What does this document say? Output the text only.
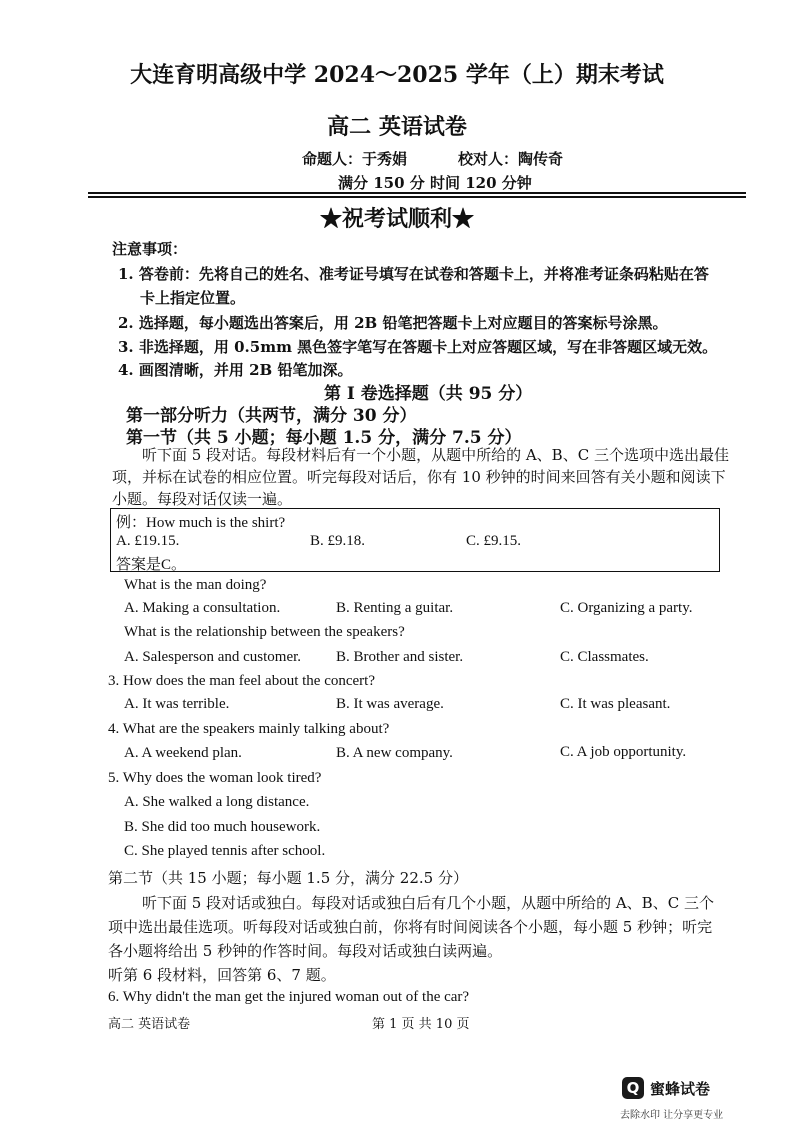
大连育明高级中学 2024～2025 学年（上）期末考试
高二 英语试卷
命题人：于秀娟	校对人：陶传奇
满分 150 分 时间 120 分钟
★祝考试顺利★
注意事项：
1. 答卷前：先将自己的姓名、准考证号填写在试卷和答题卡上，并将准考证条码粘贴在答
卡上指定位置。
2. 选择题，每小题选出答案后，用 2B 铅笔把答题卡上对应题目的答案标号涂黑。
3. 非选择题，用 0.5mm 黑色签字笔写在答题卡上对应答题区域，写在非答题区域无效。
4. 画图清晰，并用 2B 铅笔加深。
第 I 卷选择题（共 95 分）
第一部分听力（共两节，满分 30 分）
第一节（共 5 小题；每小题 1.5 分，满分 7.5 分）
听下面 5 段对话。每段材料后有一个小题，从题中所给的 A、B、C 三个选项中选出最佳
项，并标在试卷的相应位置。听完每段对话后，你有 10 秒钟的时间来回答有关小题和阅读下
小题。每段对话仅读一遍。
例：How much is the shirt?
A. £19.15.	B. £9.18.	C. £9.15.
答案是C。
What is the man doing?
A. Making a consultation.	B. Renting a guitar.	C. Organizing a party.
What is the relationship between the speakers?
A. Salesperson and customer. B. Brother and sister.	C. Classmates.
3. How does the man feel about the concert?
A. It was terrible.	B. It was average.	C. It was pleasant.
4. What are the speakers mainly talking about?
A. A weekend plan.	B. A new company.	C. A job opportunity.
5. Why does the woman look tired?
A. She walked a long distance.
B. She did too much housework.
C. She played tennis after school.
第二节（共 15 小题；每小题 1.5 分，满分 22.5 分）
听下面 5 段对话或独白。每段对话或独白后有几个小题，从题中所给的 A、B、C 三个
项中选出最佳选项。听每段对话或独白前，你将有时间阅读各个小题，每小题 5 秒钟；听完
各小题将给出 5 秒钟的作答时间。每段对话或独白读两遍。
听第 6 段材料，回答第 6、7 题。
6. Why didn't the man get the injured woman out of the car?
高二 英语试卷	第 1 页 共 10 页
Q 蜜蜂试卷
去除水印 让分享更专业
